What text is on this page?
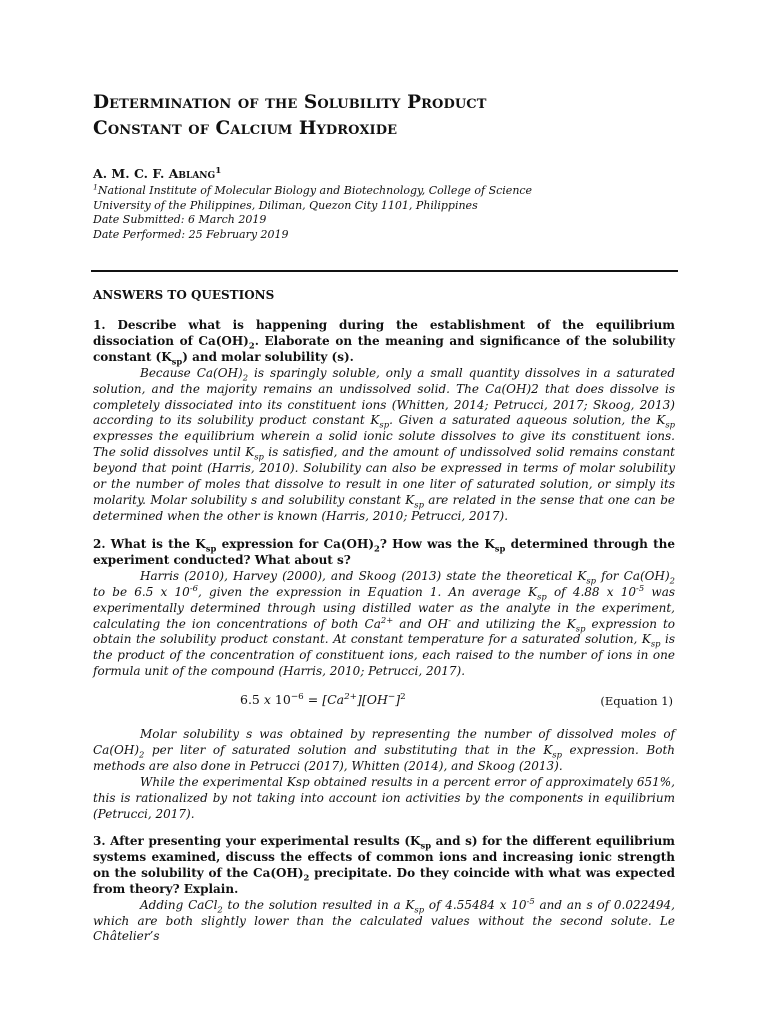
Determination of the Solubility Product
Constant of Calcium Hydroxide
A. M. C. F. Ablang$^1$
$^1$National Institute of Molecular Biology and Biotechnology, College of Science
University of the Philippines, Diliman, Quezon City 1101, Philippines
Date Submitted: 6 March 2019
Date Performed: 25 February 2019
ANSWERS TO QUESTIONS
1. Describe what is happening during the establishment of the equilibrium dissociation of $Ca(OH)_2$. Elaborate on the meaning and significance of the solubility constant $(K_{sp})$ and molar solubility (s).
Because $Ca(OH)_2$ is sparingly soluble, only a small quantity dissolves in a saturated solution, and the majority remains an undissolved solid. The Ca(OH)2 that does dissolve is completely dissociated into its constituent ions (Whitten, 2014; Petrucci, 2017; Skoog, 2013) according to its solubility product constant $K_{sp}$. Given a saturated aqueous solution, the $K_{sp}$ expresses the equilibrium wherein a solid ionic solute dissolves to give its constituent ions. The solid dissolves until $K_{sp}$ is satisfied, and the amount of undissolved solid remains constant beyond that point (Harris, 2010). Solubility can also be expressed in terms of molar solubility or the number of moles that dissolve to result in one liter of saturated solution, or simply its molarity. Molar solubility s and solubility constant $K_{sp}$ are related in the sense that one can be determined when the other is known (Harris, 2010; Petrucci, 2017).
2. What is the $K_{sp}$ expression for $Ca(OH)_2$? How was the $K_{sp}$ determined through the experiment conducted? What about s?
Harris (2010), Harvey (2000), and Skoog (2013) state the theoretical $K_{sp}$ for $Ca(OH)_2$ to be 6.5 x $10^{-6}$, given the expression in Equation 1. An average $K_{sp}$ of 4.88 x $10^{-5}$ was experimentally determined through using distilled water as the analyte in the experiment, calculating the ion concentrations of both $Ca^{2+}$ and OH- and utilizing the $K_{sp}$ expression to obtain the solubility product constant. At constant temperature for a saturated solution, $K_{sp}$ is the product of the concentration of constituent ions, each raised to the number of ions in one formula unit of the compound (Harris, 2010; Petrucci, 2017).
6.5 x $10^{-6} = [Ca^{2+}][OH^-]^2$	(Equation 1)
Molar solubility s was obtained by representing the number of dissolved moles of $Ca(OH)_2$ per liter of saturated solution and substituting that in the $K_{sp}$ expression. Both methods are also done in Petrucci (2017), Whitten (2014), and Skoog (2013).
While the experimental Ksp obtained results in a percent error of approximately 651%, this is rationalized by not taking into account ion activities by the components in equilibrium (Petrucci, 2017).
3. After presenting your experimental results ($K_{sp}$ and s) for the different equilibrium systems examined, discuss the effects of common ions and increasing ionic strength on the solubility of the $Ca(OH)_2$ precipitate. Do they coincide with what was expected from theory? Explain.
Adding CaCl$_2$ to the solution resulted in a $K_{sp}$ of 4.55484 x $10^{-5}$ and an s of 0.022494, which are both slightly lower than the calculated values without the second solute. Le Châtelier’s
